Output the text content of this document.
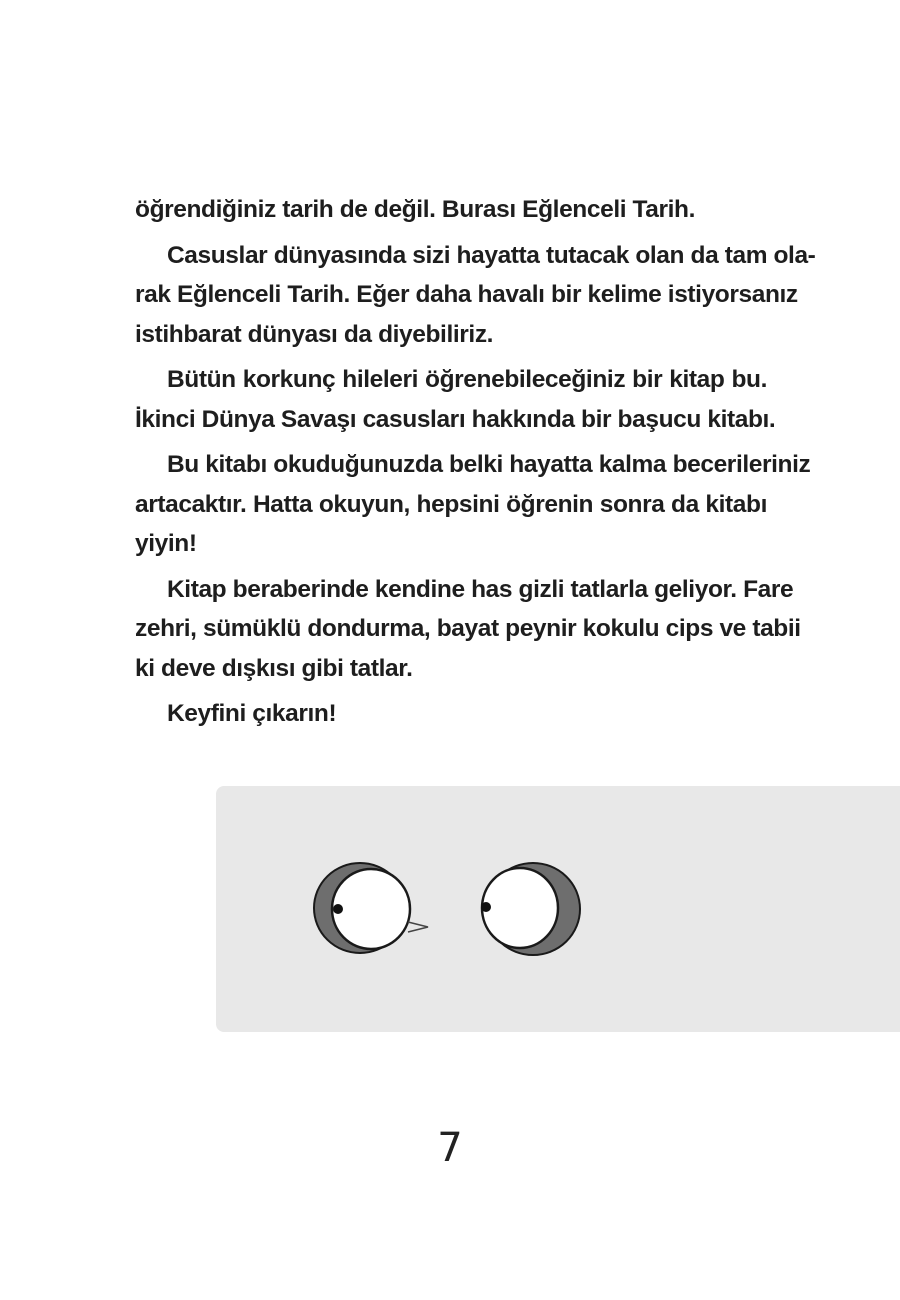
öğrendiğiniz tarih de değil. Burası Eğlenceli Tarih.

Casuslar dünyasında sizi hayatta tutacak olan da tam ola-
rak Eğlenceli Tarih. Eğer daha havalı bir kelime istiyorsanız
istihbarat dünyası da diyebiliriz.

Bütün korkunç hileleri öğrenebileceğiniz bir kitap bu.
İkinci Dünya Savaşı casusları hakkında bir başucu kitabı.

Bu kitabı okuduğunuzda belki hayatta kalma becerileriniz
artacaktır. Hatta okuyun, hepsini öğrenin sonra da kitabı
yiyin!

Kitap beraberinde kendine has gizli tatlarla geliyor. Fare
zehri, sümüklü dondurma, bayat peynir kokulu cips ve tabii
ki deve dışkısı gibi tatlar.

Keyfini çıkarın!

7
